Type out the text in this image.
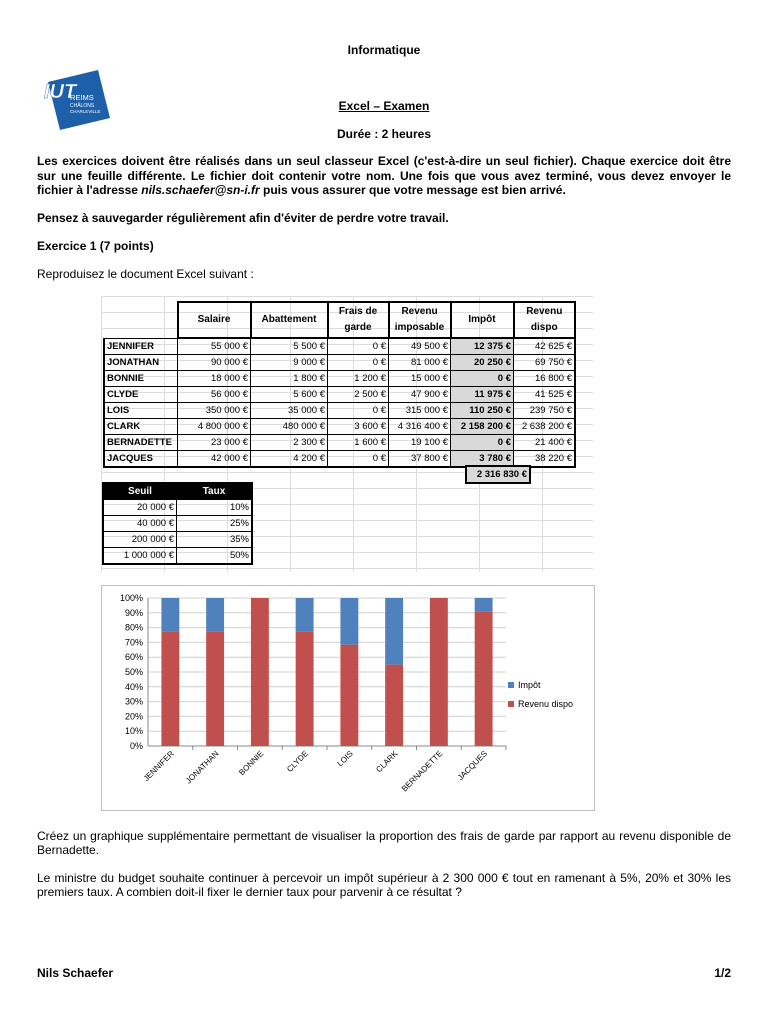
Informatique
IUT
REIMS
CHÂLONS
CHARLEVILLE	Excel – Examen
Durée : 2 heures
Les exercices doivent être réalisés dans un seul classeur Excel (c'est-à-dire un seul fichier). Chaque exercice doit être sur une feuille différente. Le fichier doit contenir votre nom. Une fois que vous avez terminé, vous devez envoyer le fichier à l'adresse nils.schaefer@sn-i.fr puis vous assurer que votre message est bien arrivé.
Pensez à sauvegarder régulièrement afin d'éviter de perdre votre travail.
Exercice 1 (7 points)
Reproduisez le document Excel suivant :
	Salaire	Abattement	Frais de garde	Revenu imposable	Impôt	Revenu dispo
JENNIFER	55 000 €	5 500 €	0 €	49 500 €	12 375 €	42 625 €
JONATHAN	90 000 €	9 000 €	0 €	81 000 €	20 250 €	69 750 €
BONNIE	18 000 €	1 800 €	1 200 €	15 000 €	0 €	16 800 €
CLYDE	56 000 €	5 600 €	2 500 €	47 900 €	11 975 €	41 525 €
LOIS	350 000 €	35 000 €	0 €	315 000 €	110 250 €	239 750 €
CLARK	4 800 000 €	480 000 €	3 600 €	4 316 400 €	2 158 200 €	2 638 200 €
BERNADETTE	23 000 €	2 300 €	1 600 €	19 100 €	0 €	21 400 €
JACQUES	42 000 €	4 200 €	0 €	37 800 €	3 780 €	38 220 €
2 316 830 €
Seuil	Taux
20 000 €	10%
40 000 €	25%
200 000 €	35%
1 000 000 €	50%
0%
10%
20%
30%
40%
50%
60%
70%
80%
90%
100%
JENNIFER JONATHAN BONNIE CLYDE	LOIS CLARK BERNADETTE JACQUES
Impôt
Revenu dispo
Créez un graphique supplémentaire permettant de visualiser la proportion des frais de garde par rapport au revenu disponible de Bernadette.
Le ministre du budget souhaite continuer à percevoir un impôt supérieur à 2 300 000 € tout en ramenant à 5%, 20% et 30% les premiers taux. A combien doit-il fixer le dernier taux pour parvenir à ce résultat ?
Nils Schaefer	1/2
